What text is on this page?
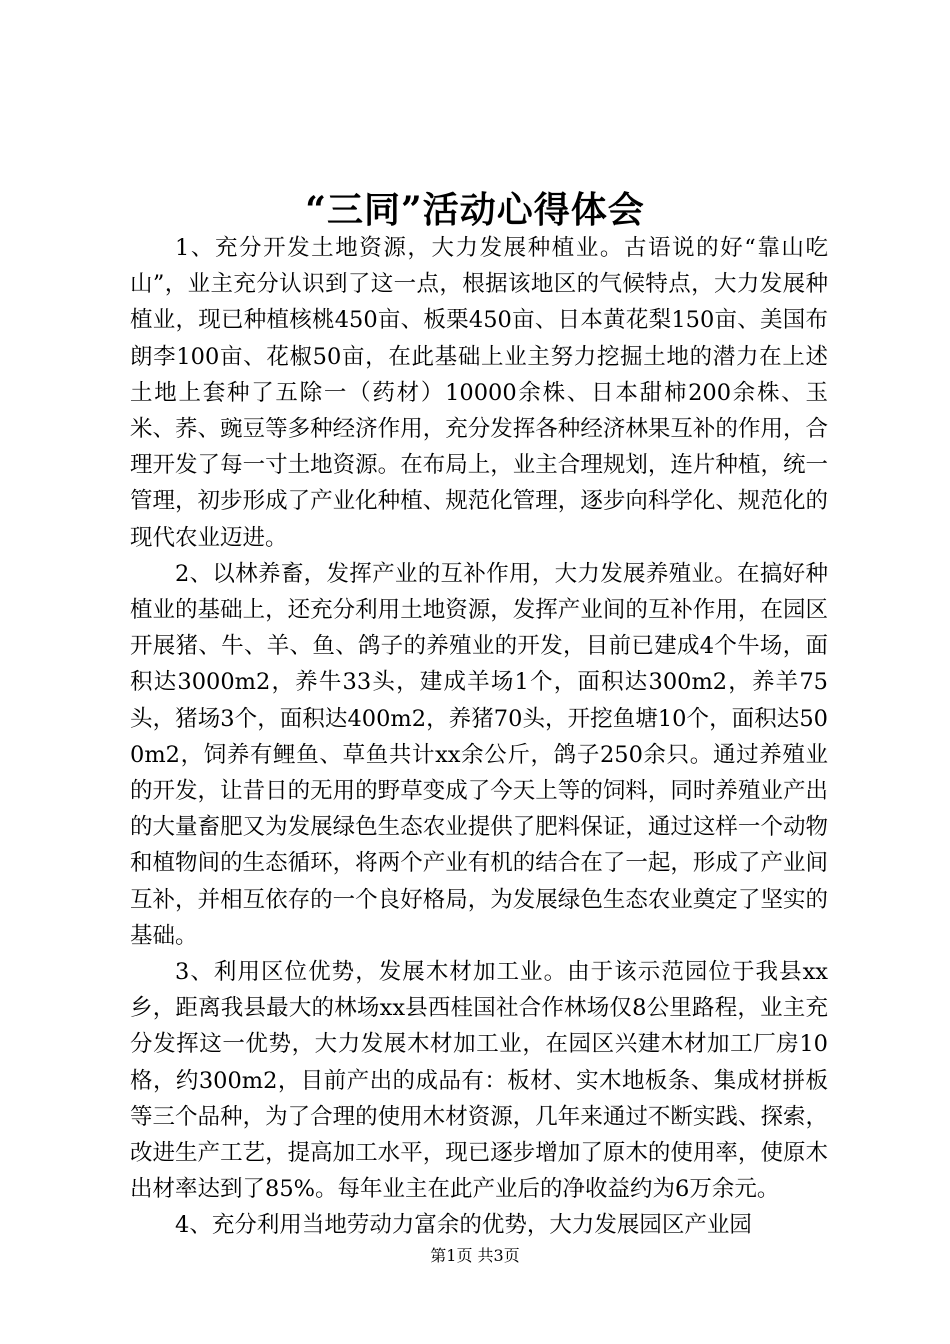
“三同”活动心得体会

1、充分开发土地资源，大力发展种植业。古语说的好“靠山吃山”，业主充分认识到了这一点，根据该地区的气候特点，大力发展种植业，现已种植核桃450亩、板栗450亩、日本黄花梨150亩、美国布朗李100亩、花椒50亩，在此基础上业主努力挖掘土地的潜力在上述土地上套种了五除一（药材）10000余株、日本甜柿200余株、玉米、荞、豌豆等多种经济作用，充分发挥各种经济林果互补的作用，合理开发了每一寸土地资源。在布局上，业主合理规划，连片种植，统一管理，初步形成了产业化种植、规范化管理，逐步向科学化、规范化的现代农业迈进。

2、以林养畜，发挥产业的互补作用，大力发展养殖业。在搞好种植业的基础上，还充分利用土地资源，发挥产业间的互补作用，在园区开展猪、牛、羊、鱼、鸽子的养殖业的开发，目前已建成4个牛场，面积达3000m2，养牛33头，建成羊场1个，面积达300m2，养羊75头，猪场3个，面积达400m2，养猪70头，开挖鱼塘10个，面积达500m2，饲养有鲤鱼、草鱼共计xx余公斤，鸽子250余只。通过养殖业的开发，让昔日的无用的野草变成了今天上等的饲料，同时养殖业产出的大量畜肥又为发展绿色生态农业提供了肥料保证，通过这样一个动物和植物间的生态循环，将两个产业有机的结合在了一起，形成了产业间互补，并相互依存的一个良好格局，为发展绿色生态农业奠定了坚实的基础。

3、利用区位优势，发展木材加工业。由于该示范园位于我县xx乡，距离我县最大的林场xx县西桂国社合作林场仅8公里路程，业主充分发挥这一优势，大力发展木材加工业，在园区兴建木材加工厂房10格，约300m2，目前产出的成品有：板材、实木地板条、集成材拼板等三个品种，为了合理的使用木材资源，几年来通过不断实践、探索，改进生产工艺，提高加工水平，现已逐步增加了原木的使用率，使原木出材率达到了85%。每年业主在此产业后的净收益约为6万余元。

4、充分利用当地劳动力富余的优势，大力发展园区产业园

第1页 共3页
